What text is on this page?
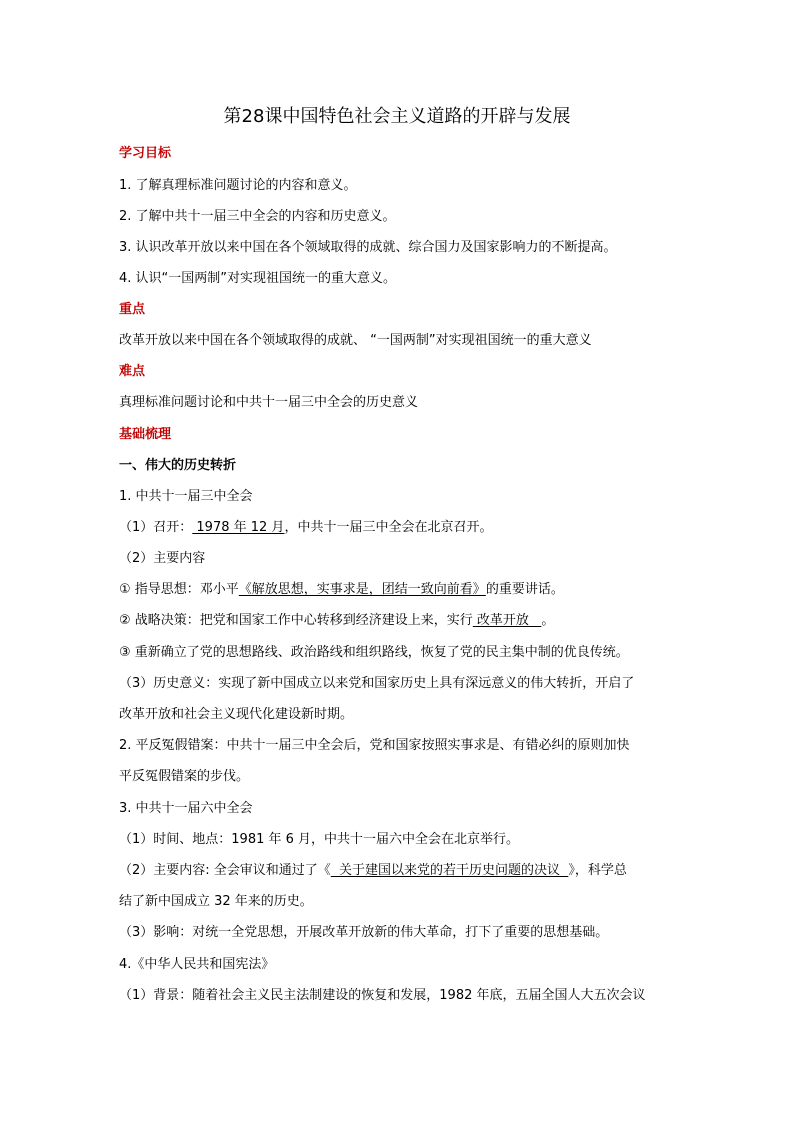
第28课中国特色社会主义道路的开辟与发展
学习目标
1. 了解真理标准问题讨论的内容和意义。
2. 了解中共十一届三中全会的内容和历史意义。
3. 认识改革开放以来中国在各个领域取得的成就、综合国力及国家影响力的不断提高。
4. 认识“一国两制”对实现祖国统一的重大意义。
重点
改革开放以来中国在各个领域取得的成就、 “一国两制”对实现祖国统一的重大意义
难点
真理标准问题讨论和中共十一届三中全会的历史意义
基础梳理
一、伟大的历史转折
1. 中共十一届三中全会
（1）召开： 1978 年 12 月，中共十一届三中全会在北京召开。
（2）主要内容
① 指导思想：邓小平《解放思想，实事求是，团结一致向前看》的重要讲话。
② 战略决策：把党和国家工作中心转移到经济建设上来，实行 改革开放   。
③ 重新确立了党的思想路线、政治路线和组织路线，恢复了党的民主集中制的优良传统。
（3）历史意义：实现了新中国成立以来党和国家历史上具有深远意义的伟大转折，开启了
改革开放和社会主义现代化建设新时期。
2. 平反冤假错案：中共十一届三中全会后，党和国家按照实事求是、有错必纠的原则加快
平反冤假错案的步伐。
3. 中共十一届六中全会
（1）时间、地点：1981 年 6 月，中共十一届六中全会在北京举行。
（2）主要内容: 全会审议和通过了《  关于建国以来党的若干历史问题的决议  》，科学总
结了新中国成立 32 年来的历史。
（3）影响：对统一全党思想，开展改革开放新的伟大革命，打下了重要的思想基础。
4.《中华人民共和国宪法》
（1）背景：随着社会主义民主法制建设的恢复和发展，1982 年底，五届全国人大五次会议
